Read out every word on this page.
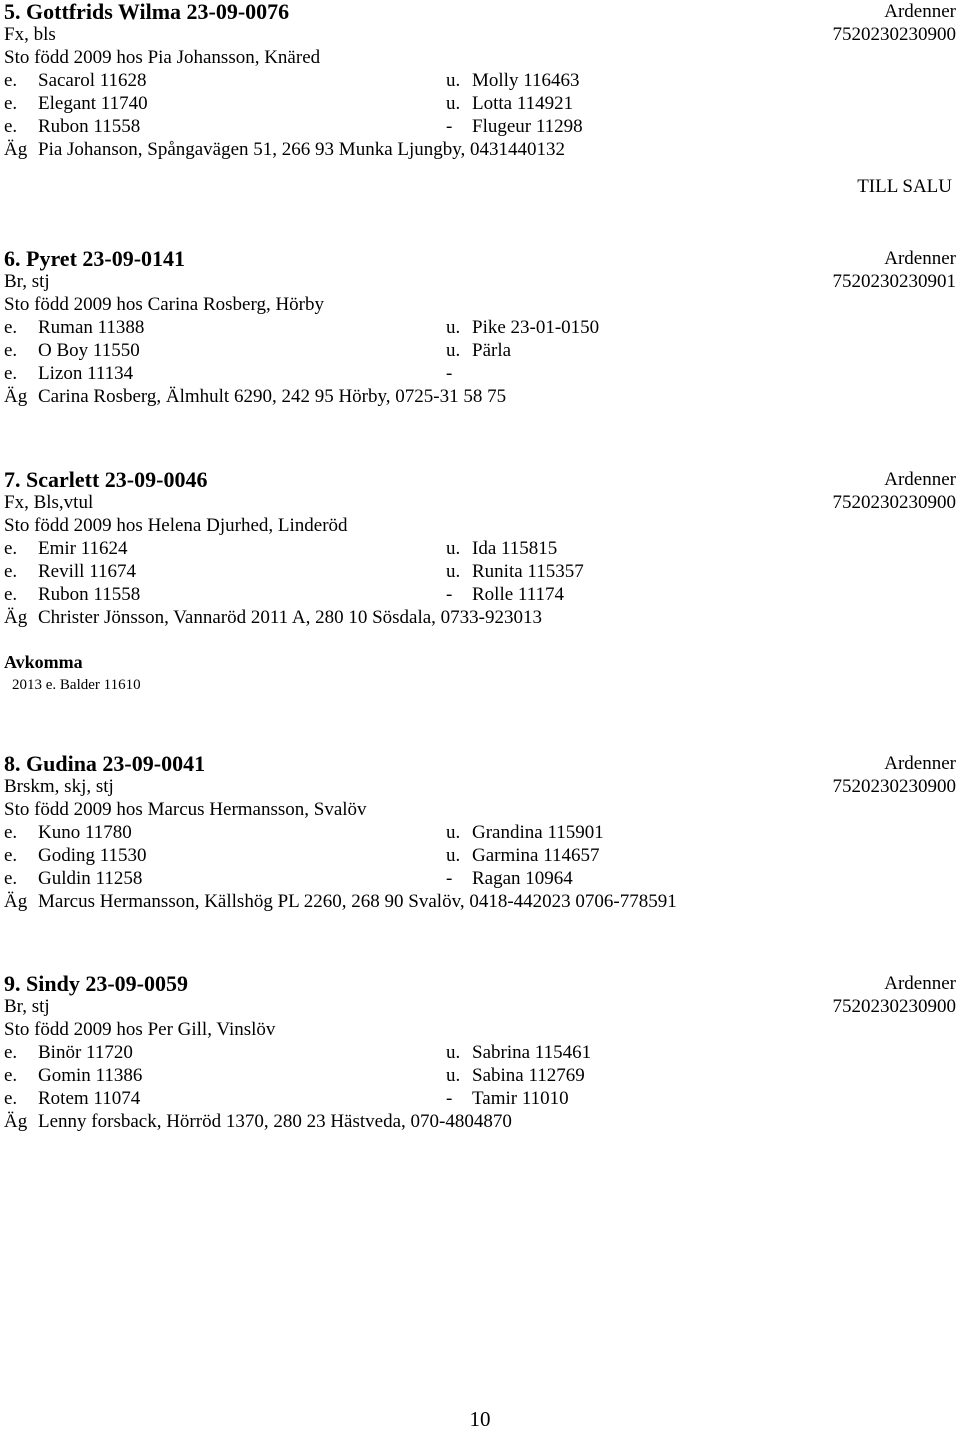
5. Gottfrids Wilma 23-09-0076	Ardenner
Fx, bls	7520230230900
Sto född 2009 hos Pia Johansson, Knäred
e. Sacarol 11628	u. Molly 116463
e. Elegant 11740	u. Lotta 114921
e. Rubon 11558	- Flugeur 11298
Äg Pia Johanson, Spångavägen 51, 266 93 Munka Ljungby, 0431440132
TILL SALU
6. Pyret 23-09-0141	Ardenner
Br, stj	7520230230901
Sto född 2009 hos Carina Rosberg, Hörby
e. Ruman 11388	u. Pike 23-01-0150
e. O Boy 11550	u. Pärla
e. Lizon 11134	-
Äg Carina Rosberg, Älmhult 6290, 242 95 Hörby, 0725-31 58 75
7. Scarlett 23-09-0046	Ardenner
Fx, Bls,vtul	7520230230900
Sto född 2009 hos Helena Djurhed, Linderöd
e. Emir 11624	u. Ida 115815
e. Revill 11674	u. Runita 115357
e. Rubon 11558	- Rolle 11174
Äg Christer Jönsson, Vannaröd 2011 A, 280 10 Sösdala, 0733-923013
Avkomma
2013 e. Balder 11610
8. Gudina 23-09-0041	Ardenner
Brskm, skj, stj	7520230230900
Sto född 2009 hos Marcus Hermansson, Svalöv
e. Kuno 11780	u. Grandina 115901
e. Goding 11530	u. Garmina 114657
e. Guldin 11258	- Ragan 10964
Äg Marcus Hermansson, Källshög PL 2260, 268 90 Svalöv, 0418-442023 0706-778591
9. Sindy 23-09-0059	Ardenner
Br, stj	7520230230900
Sto född 2009 hos Per Gill, Vinslöv
e. Binör 11720	u. Sabrina 115461
e. Gomin 11386	u. Sabina 112769
e. Rotem 11074	- Tamir 11010
Äg Lenny forsback, Hörröd 1370, 280 23 Hästveda, 070-4804870
10
